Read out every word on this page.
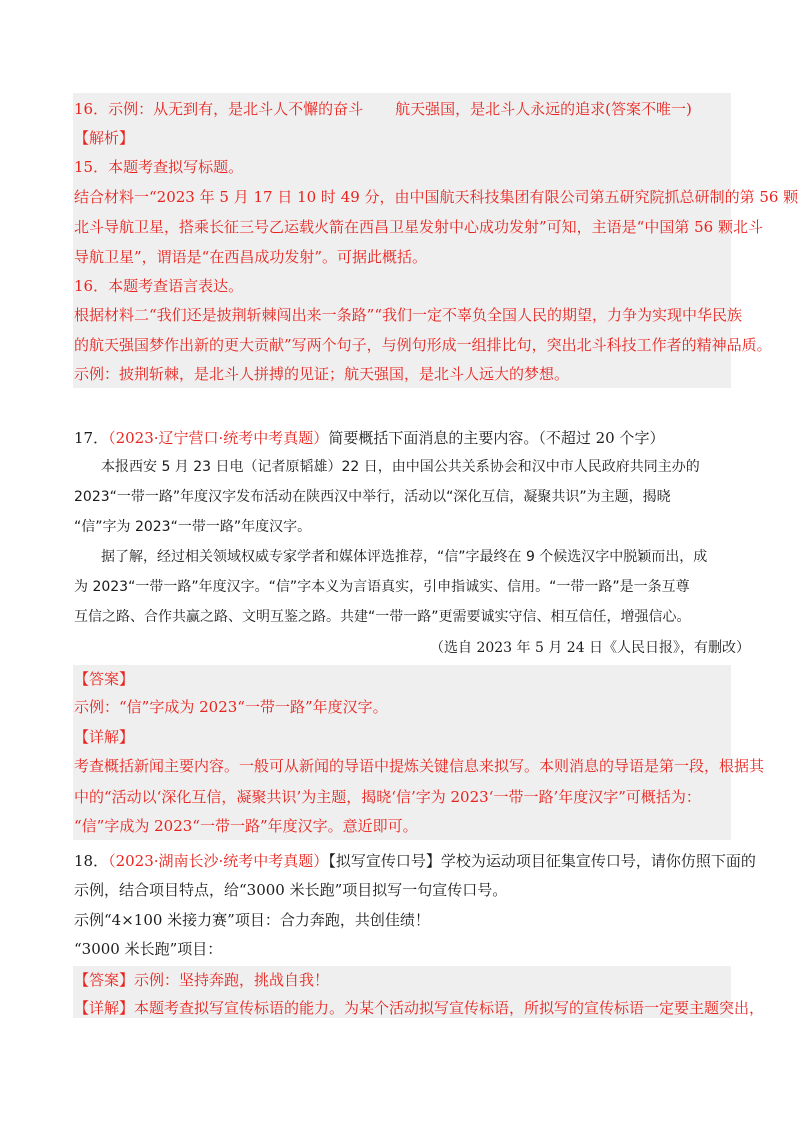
16．示例：从无到有，是北斗人不懈的奋斗 航天强国，是北斗人永远的追求(答案不唯一)
【解析】
15．本题考查拟写标题。
结合材料一“2023 年 5 月 17 日 10 时 49 分，由中国航天科技集团有限公司第五研究院抓总研制的第 56 颗
北斗导航卫星，搭乘长征三号乙运载火箭在西昌卫星发射中心成功发射”可知，主语是“中国第 56 颗北斗
导航卫星”，谓语是“在西昌成功发射”。可据此概括。
16．本题考查语言表达。
根据材料二“我们还是披荆斩棘闯出来一条路”“我们一定不辜负全国人民的期望，力争为实现中华民族
的航天强国梦作出新的更大贡献”写两个句子，与例句形成一组排比句，突出北斗科技工作者的精神品质。
示例：披荆斩棘，是北斗人拼搏的见证；航天强国，是北斗人远大的梦想。
17．（2023·辽宁营口·统考中考真题）简要概括下面消息的主要内容。（不超过 20 个字）
本报西安 5 月 23 日电（记者原韬雄）22 日，由中国公共关系协会和汉中市人民政府共同主办的
2023“一带一路”年度汉字发布活动在陕西汉中举行，活动以“深化互信，凝聚共识”为主题，揭晓
“信”字为 2023“一带一路”年度汉字。
据了解，经过相关领域权威专家学者和媒体评选推荐，“信”字最终在 9 个候选汉字中脱颖而出，成
为 2023“一带一路”年度汉字。“信”字本义为言语真实，引申指诚实、信用。“一带一路”是一条互尊
互信之路、合作共赢之路、文明互鉴之路。共建“一带一路”更需要诚实守信、相互信任，增强信心。
（选自 2023 年 5 月 24 日《人民日报》，有删改）
【答案】
示例：“信”字成为 2023“一带一路”年度汉字。
【详解】
考查概括新闻主要内容。一般可从新闻的导语中提炼关键信息来拟写。本则消息的导语是第一段，根据其
中的“活动以‘深化互信，凝聚共识’为主题，揭晓‘信’字为 2023‘一带一路’年度汉字”可概括为：
“信”字成为 2023“一带一路”年度汉字。意近即可。
18．（2023·湖南长沙·统考中考真题）【拟写宣传口号】学校为运动项目征集宣传口号，请你仿照下面的
示例，结合项目特点，给“3000 米长跑”项目拟写一句宣传口号。
示例“4×100 米接力赛”项目：合力奔跑，共创佳绩！
“3000 米长跑”项目：
【答案】示例：坚持奔跑，挑战自我！
【详解】本题考查拟写宣传标语的能力。为某个活动拟写宣传标语，所拟写的宣传标语一定要主题突出，
